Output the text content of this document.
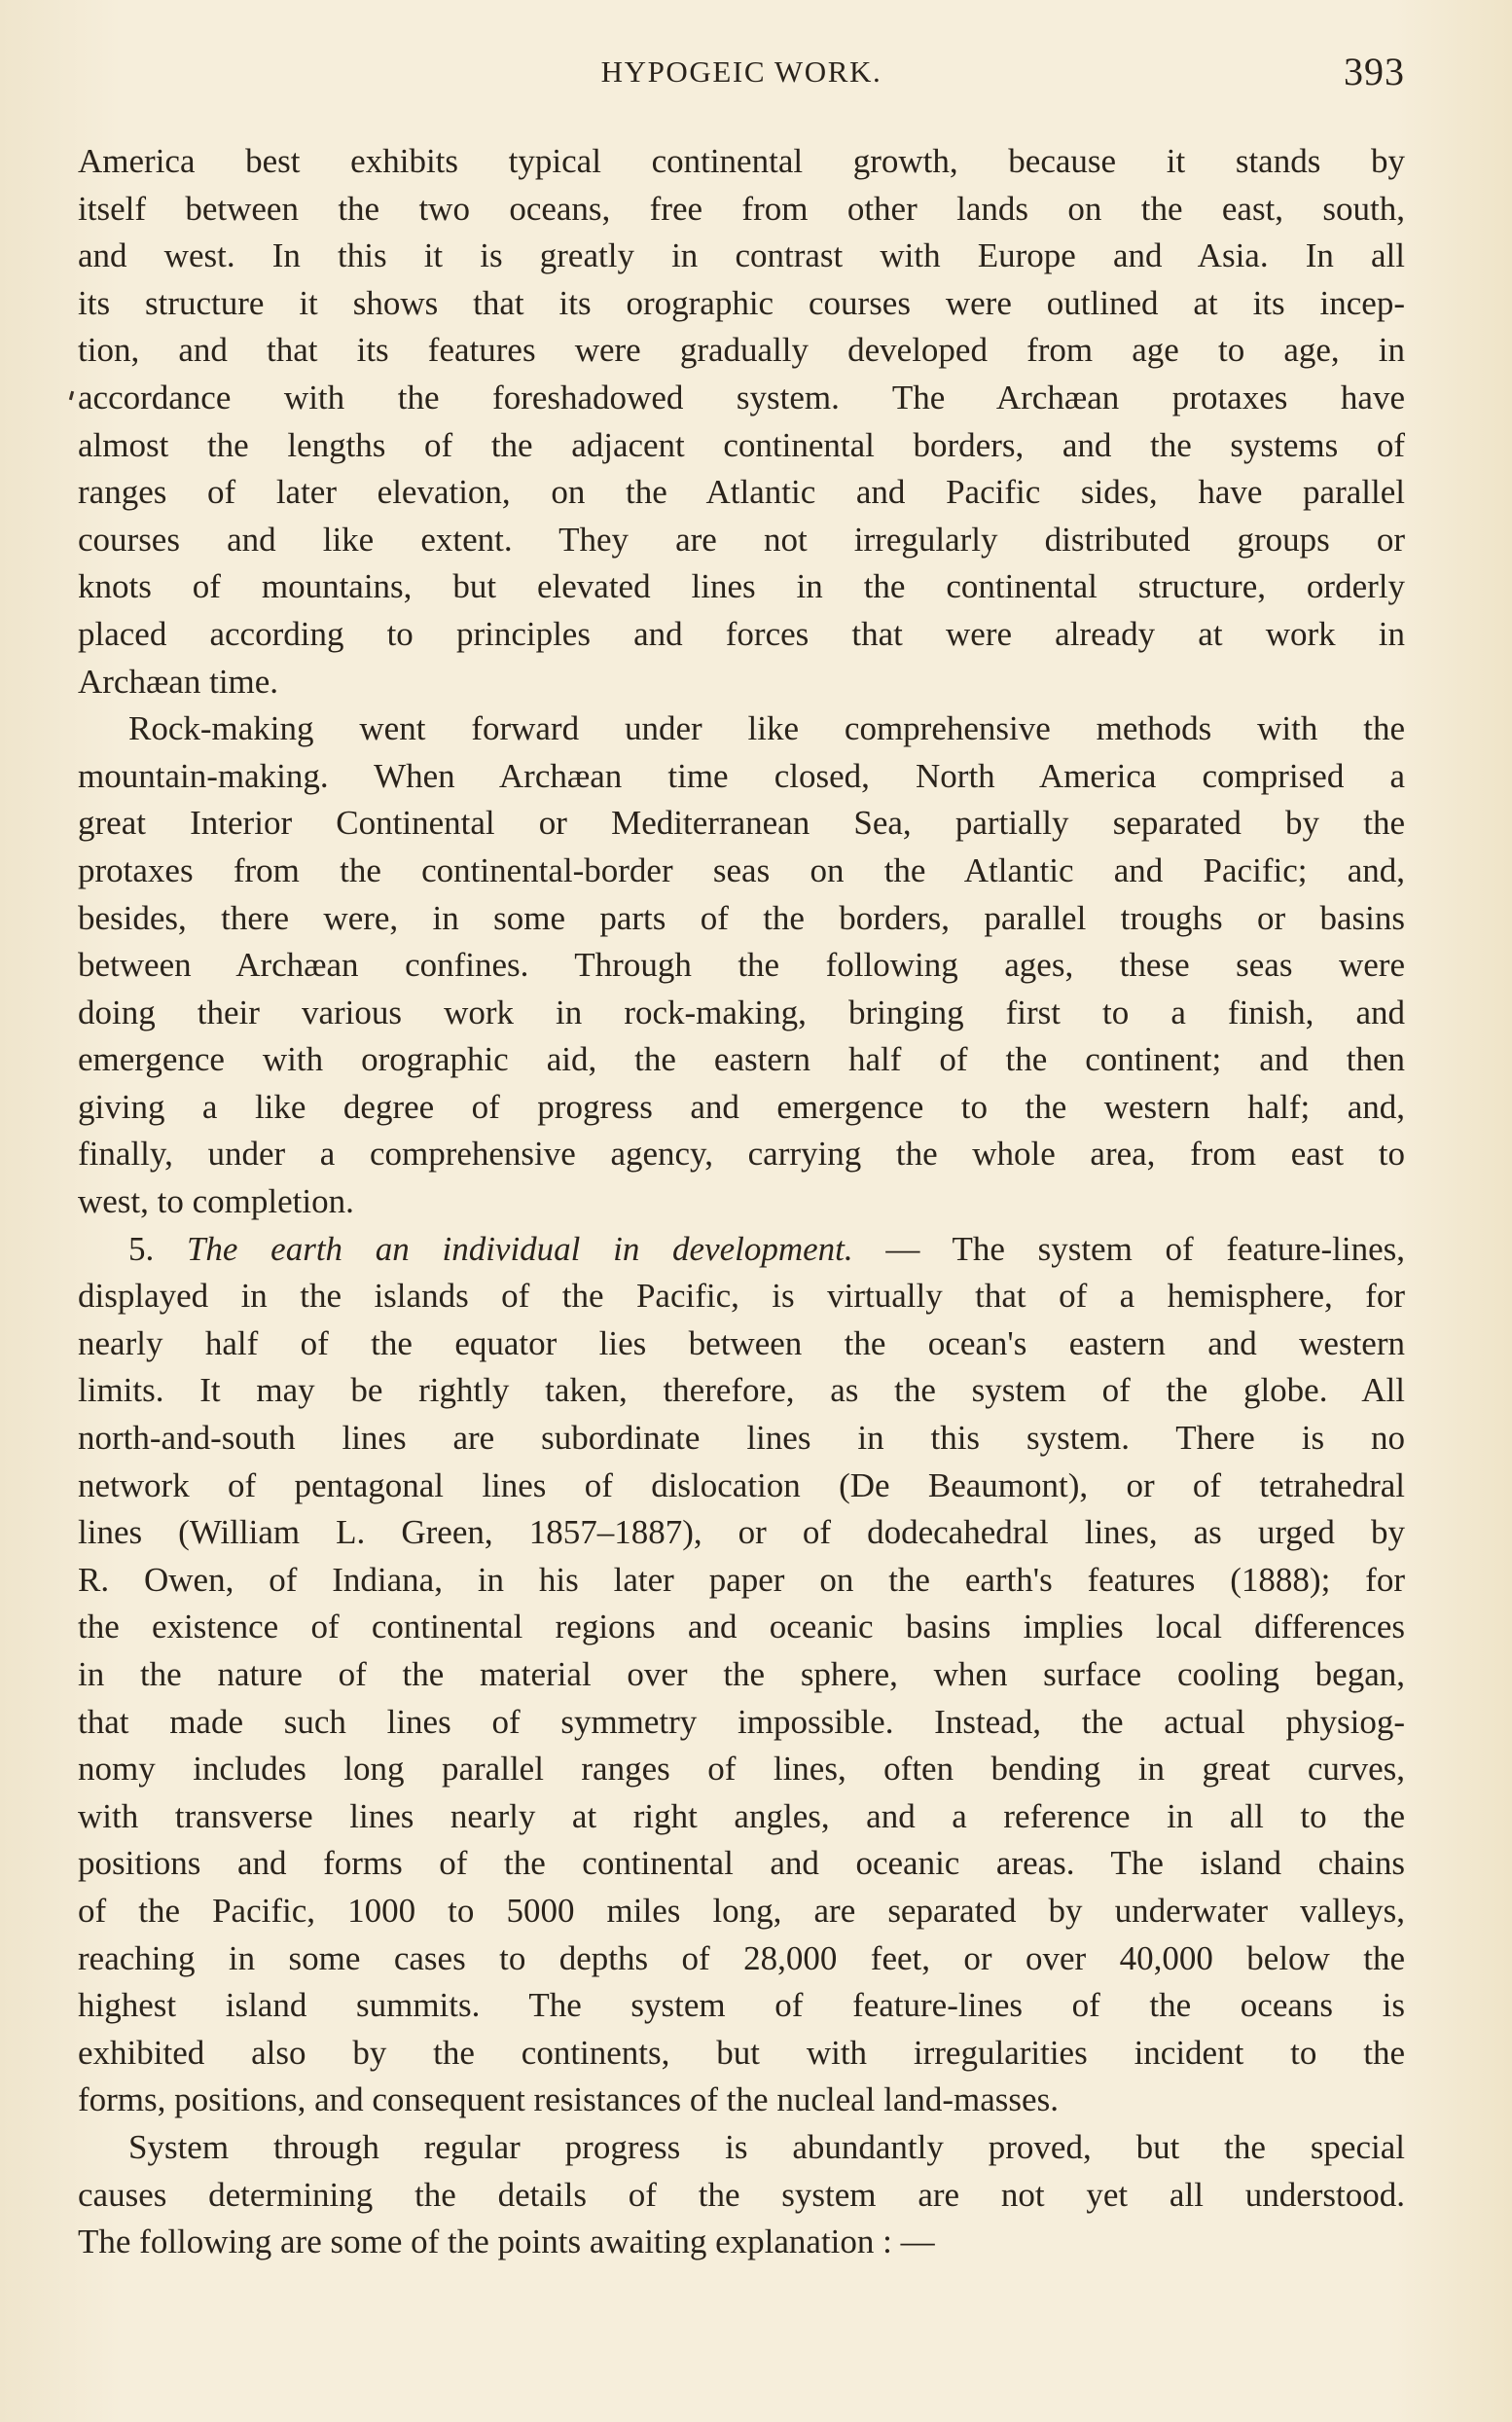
HYPOGEIC WORK.	393
America best exhibits typical continental growth, because it stands by
itself between the two oceans, free from other lands on the east, south,
and west. In this it is greatly in contrast with Europe and Asia. In all
its structure it shows that its orographic courses were outlined at its incep-
tion, and that its features were gradually developed from age to age, in
accordance with the foreshadowed system. The Archæan protaxes have
almost the lengths of the adjacent continental borders, and the systems of
ranges of later elevation, on the Atlantic and Pacific sides, have parallel
courses and like extent. They are not irregularly distributed groups or
knots of mountains, but elevated lines in the continental structure, orderly
placed according to principles and forces that were already at work in
Archæan time.
Rock-making went forward under like comprehensive methods with the
mountain-making. When Archæan time closed, North America comprised a
great Interior Continental or Mediterranean Sea, partially separated by the
protaxes from the continental-border seas on the Atlantic and Pacific; and,
besides, there were, in some parts of the borders, parallel troughs or basins
between Archæan confines. Through the following ages, these seas were
doing their various work in rock-making, bringing first to a finish, and
emergence with orographic aid, the eastern half of the continent; and then
giving a like degree of progress and emergence to the western half; and,
finally, under a comprehensive agency, carrying the whole area, from east to
west, to completion.
5. The earth an individual in development. — The system of feature-lines,
displayed in the islands of the Pacific, is virtually that of a hemisphere, for
nearly half of the equator lies between the ocean's eastern and western
limits. It may be rightly taken, therefore, as the system of the globe. All
north-and-south lines are subordinate lines in this system. There is no
network of pentagonal lines of dislocation (De Beaumont), or of tetrahedral
lines (William L. Green, 1857–1887), or of dodecahedral lines, as urged by
R. Owen, of Indiana, in his later paper on the earth's features (1888); for
the existence of continental regions and oceanic basins implies local differences
in the nature of the material over the sphere, when surface cooling began,
that made such lines of symmetry impossible. Instead, the actual physiog-
nomy includes long parallel ranges of lines, often bending in great curves,
with transverse lines nearly at right angles, and a reference in all to the
positions and forms of the continental and oceanic areas. The island chains
of the Pacific, 1000 to 5000 miles long, are separated by underwater valleys,
reaching in some cases to depths of 28,000 feet, or over 40,000 below the
highest island summits. The system of feature-lines of the oceans is
exhibited also by the continents, but with irregularities incident to the
forms, positions, and consequent resistances of the nucleal land-masses.
System through regular progress is abundantly proved, but the special
causes determining the details of the system are not yet all understood.
The following are some of the points awaiting explanation : —
